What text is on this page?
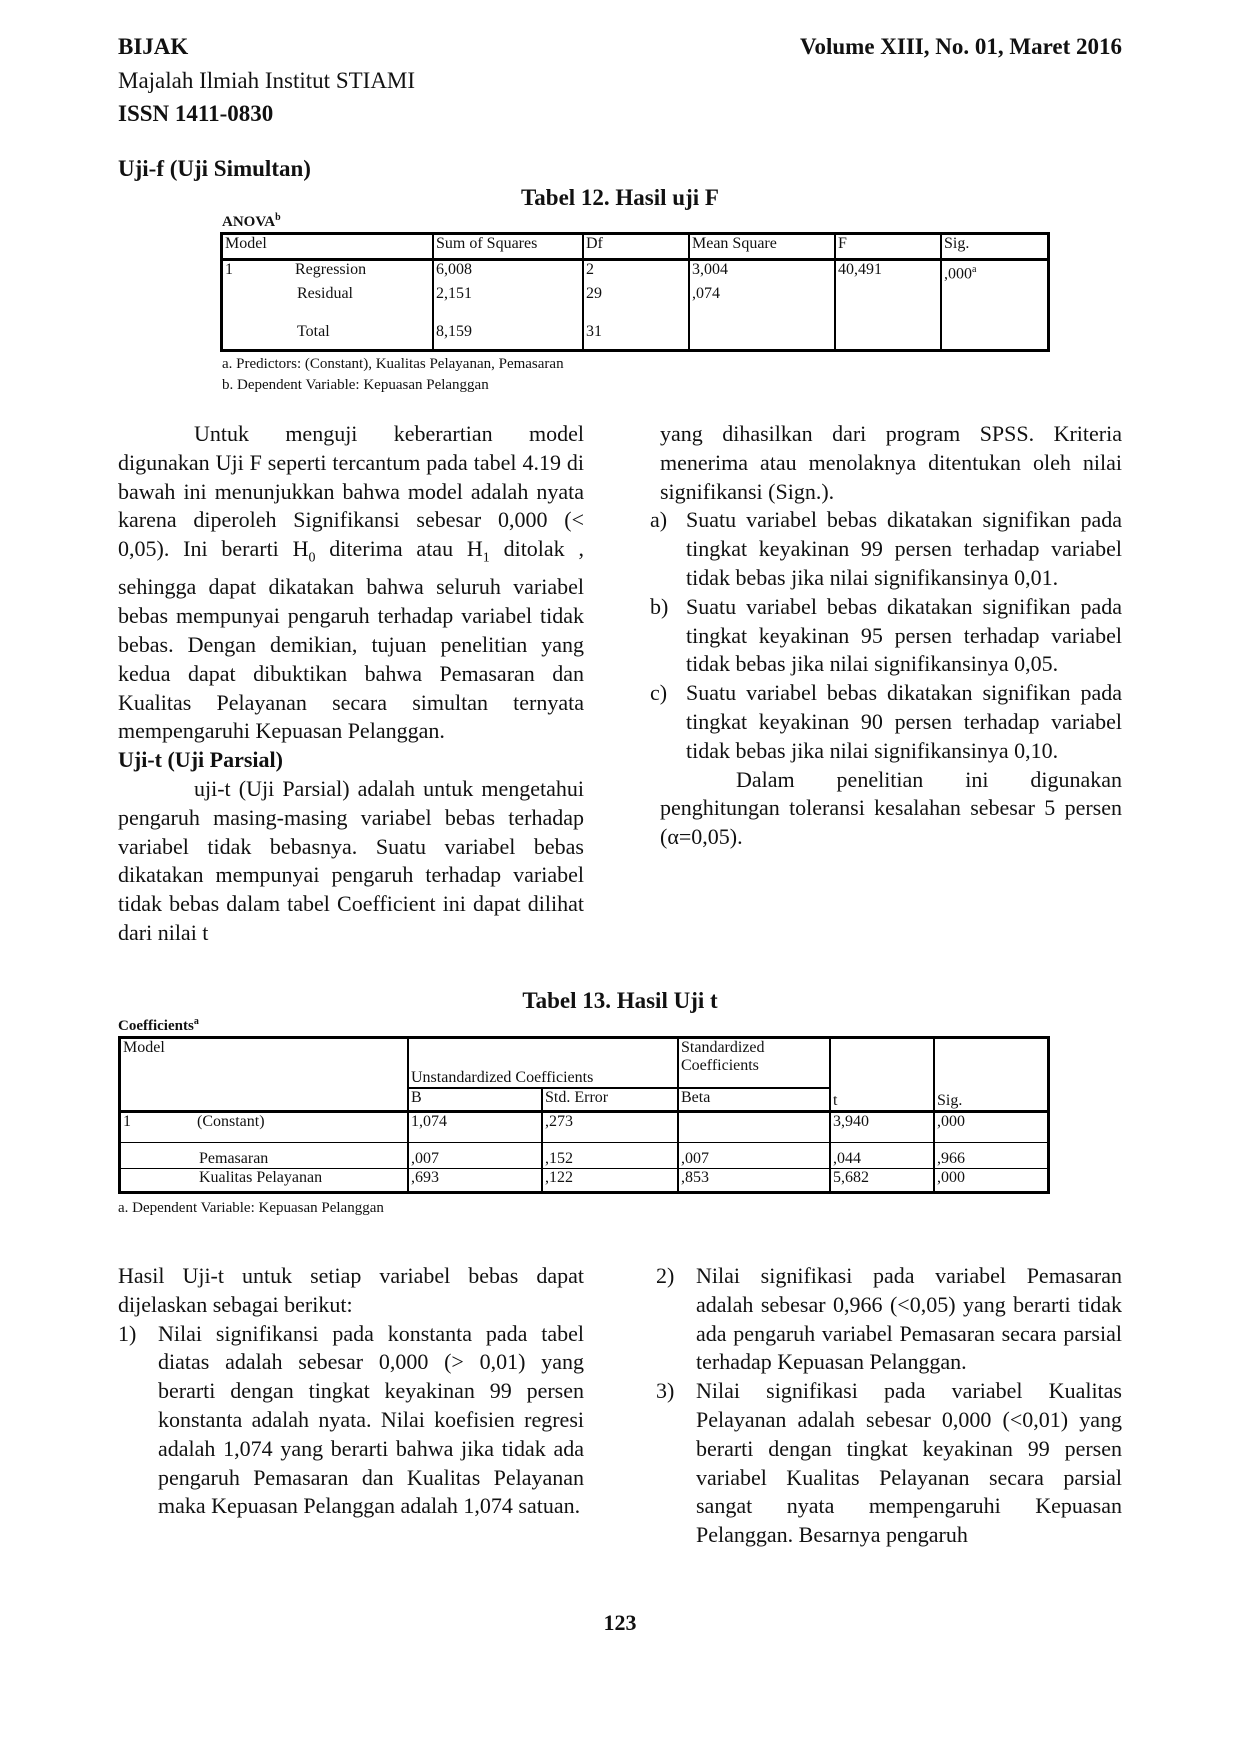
BIJAK	Volume XIII, No. 01, Maret 2016
Majalah Ilmiah Institut STIAMI
ISSN 1411-0830
Uji-f (Uji Simultan)
Tabel 12. Hasil uji F
ANOVA$^b$
Model	Sum of Squares	Df	Mean Square	F	Sig.
1 Regression	6,008	2	3,004	40,491	,000$^a$
Residual	2,151	29	,074		
Total	8,159	31			
a. Predictors: (Constant), Kualitas Pelayanan, Pemasaran
b. Dependent Variable: Kepuasan Pelanggan

Untuk menguji keberartian model digunakan Uji F seperti tercantum pada tabel 4.19 di bawah ini menunjukkan bahwa model adalah nyata karena diperoleh Signifikansi sebesar 0,000 (< 0,05). Ini berarti $H_0$ diterima atau $H_1$ ditolak , sehingga dapat dikatakan bahwa seluruh variabel bebas mempunyai pengaruh terhadap variabel tidak bebas. Dengan demikian, tujuan penelitian yang kedua dapat dibuktikan bahwa Pemasaran dan Kualitas Pelayanan secara simultan ternyata mempengaruhi Kepuasan Pelanggan.

Uji-t (Uji Parsial)

uji-t (Uji Parsial) adalah untuk mengetahui pengaruh masing-masing variabel bebas terhadap variabel tidak bebasnya. Suatu variabel bebas dikatakan mempunyai pengaruh terhadap variabel tidak bebas dalam tabel Coefficient ini dapat dilihat dari nilai t

yang dihasilkan dari program SPSS. Kriteria menerima atau menolaknya ditentukan oleh nilai signifikansi (Sign.).

a) Suatu variabel bebas dikatakan signifikan pada tingkat keyakinan 99 persen terhadap variabel tidak bebas jika nilai signifikansinya 0,01.
b) Suatu variabel bebas dikatakan signifikan pada tingkat keyakinan 95 persen terhadap variabel tidak bebas jika nilai signifikansinya 0,05.
c) Suatu variabel bebas dikatakan signifikan pada tingkat keyakinan 90 persen terhadap variabel tidak bebas jika nilai signifikansinya 0,10.

Dalam penelitian ini digunakan penghitungan toleransi kesalahan sebesar 5 persen (α=0,05).

Tabel 13. Hasil Uji t
Coefficients$^a$
Model	Unstandardized Coefficients		Standardized Coefficients	t	Sig.
	B	Std. Error	Beta		
1 (Constant)	1,074	,273		3,940	,000
Pemasaran	,007	,152	,007	,044	,966
Kualitas Pelayanan	,693	,122	,853	5,682	,000
a. Dependent Variable: Kepuasan Pelanggan

Hasil Uji-t untuk setiap variabel bebas dapat dijelaskan sebagai berikut:

1) Nilai signifikansi pada konstanta pada tabel diatas adalah sebesar 0,000 (> 0,01) yang berarti dengan tingkat keyakinan 99 persen konstanta adalah nyata. Nilai koefisien regresi adalah 1,074 yang berarti bahwa jika tidak ada pengaruh Pemasaran dan Kualitas Pelayanan maka Kepuasan Pelanggan adalah 1,074 satuan.
2) Nilai signifikasi pada variabel Pemasaran adalah sebesar 0,966 (<0,05) yang berarti tidak ada pengaruh variabel Pemasaran secara parsial terhadap Kepuasan Pelanggan.
3) Nilai signifikasi pada variabel Kualitas Pelayanan adalah sebesar 0,000 (<0,01) yang berarti dengan tingkat keyakinan 99 persen variabel Kualitas Pelayanan secara parsial sangat nyata mempengaruhi Kepuasan Pelanggan. Besarnya pengaruh
123
